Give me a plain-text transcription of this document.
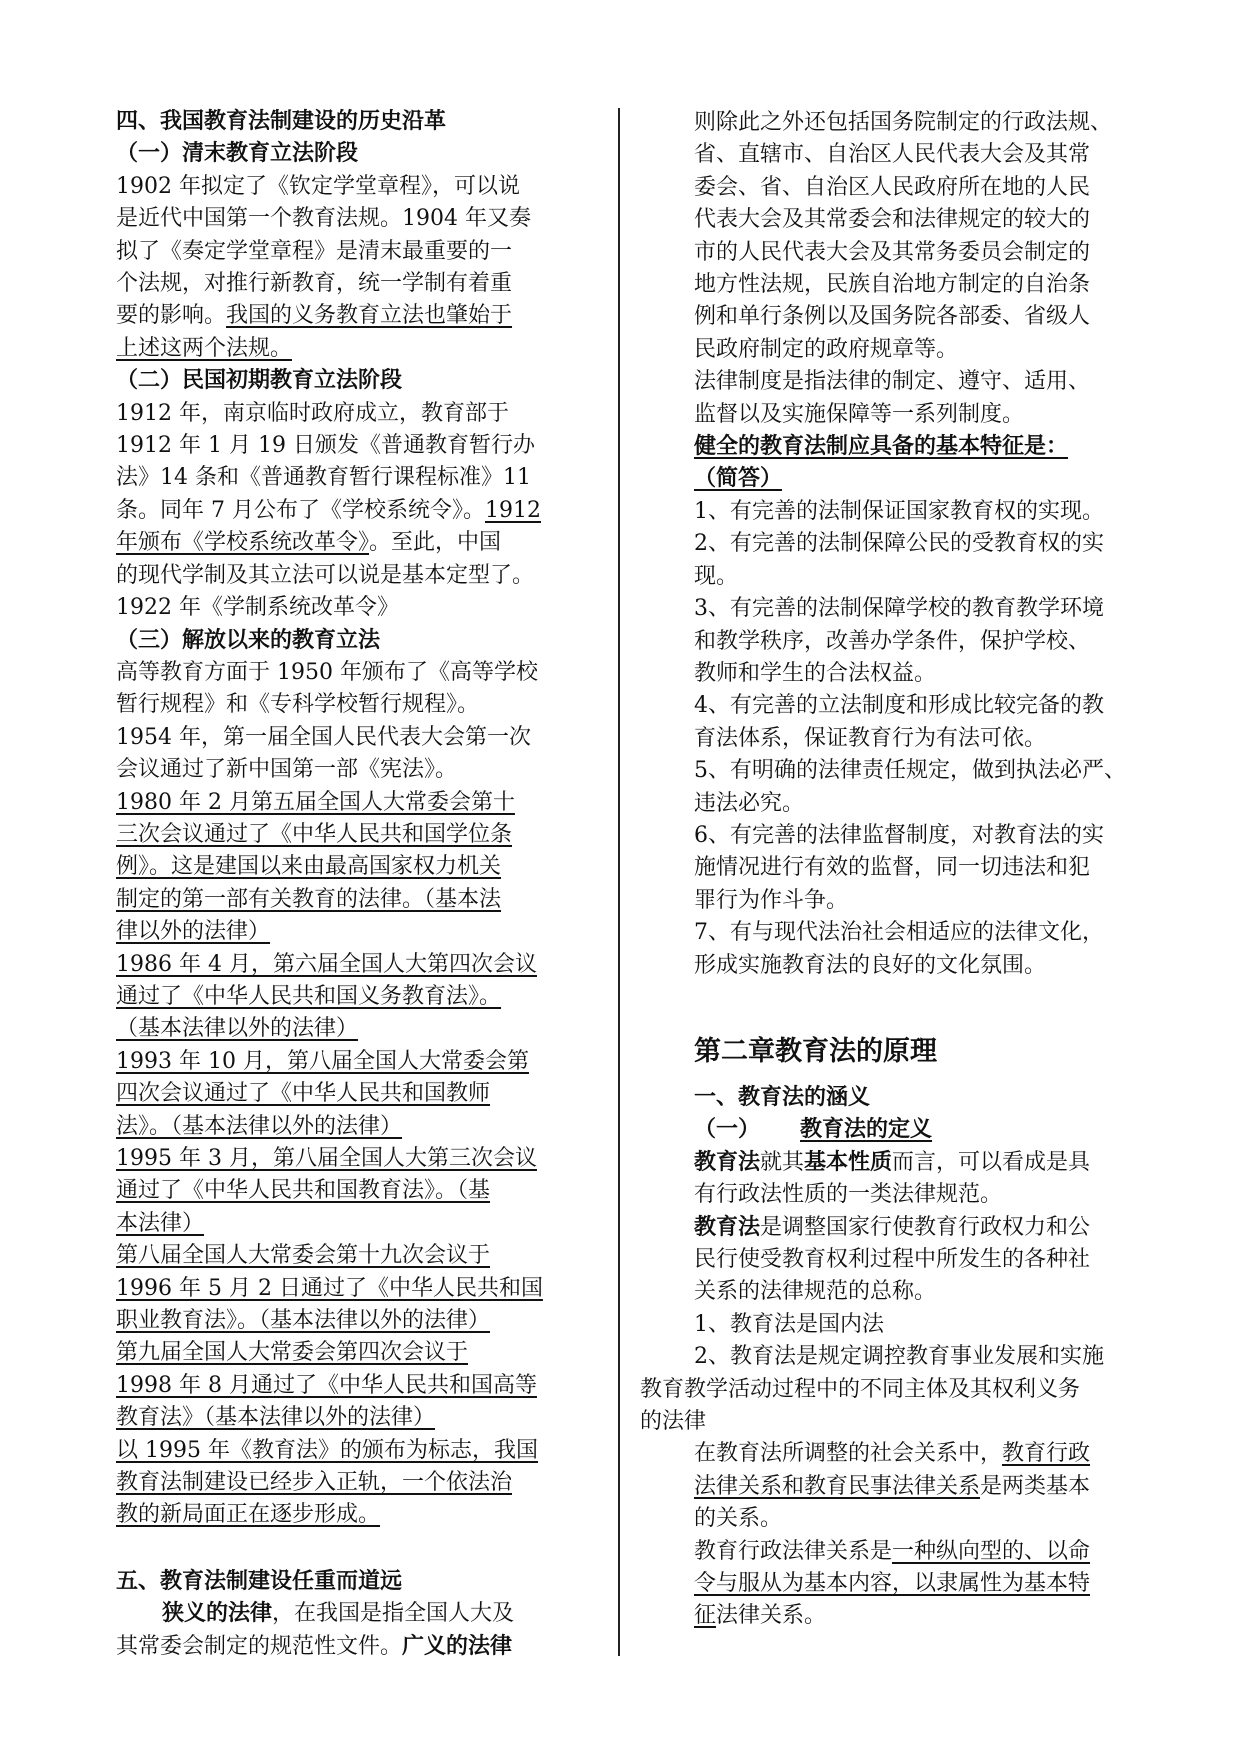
四、我国教育法制建设的历史沿革

（一）清末教育立法阶段

1902 年拟定了《钦定学堂章程》，可以说

是近代中国第一个教育法规。1904 年又奏

拟了《奏定学堂章程》是清末最重要的一

个法规，对推行新教育，统一学制有着重

要的影响。我国的义务教育立法也肇始于

上述这两个法规。

（二）民国初期教育立法阶段

1912 年，南京临时政府成立，教育部于

1912 年 1 月 19 日颁发《普通教育暂行办

法》14 条和《普通教育暂行课程标准》11

条。同年 7 月公布了《学校系统令》。1912

年颁布《学校系统改革令》。至此，中国

的现代学制及其立法可以说是基本定型了。

1922 年《学制系统改革令》

（三）解放以来的教育立法

高等教育方面于 1950 年颁布了《高等学校

暂行规程》和《专科学校暂行规程》。

1954 年，第一届全国人民代表大会第一次

会议通过了新中国第一部《宪法》。

1980 年 2 月第五届全国人大常委会第十

三次会议通过了《中华人民共和国学位条

例》。这是建国以来由最高国家权力机关

制定的第一部有关教育的法律。（基本法

律以外的法律）

1986 年 4 月，第六届全国人大第四次会议

通过了《中华人民共和国义务教育法》。

（基本法律以外的法律）

1993 年 10 月，第八届全国人大常委会第

四次会议通过了《中华人民共和国教师

法》。（基本法律以外的法律）

1995 年 3 月，第八届全国人大第三次会议

通过了《中华人民共和国教育法》。（基

本法律）

第八届全国人大常委会第十九次会议于

1996 年 5 月 2 日通过了《中华人民共和国

职业教育法》。（基本法律以外的法律）

第九届全国人大常委会第四次会议于

1998 年 8 月通过了《中华人民共和国高等

教育法》（基本法律以外的法律）

以 1995 年《教育法》的颁布为标志，我国

教育法制建设已经步入正轨，一个依法治

教的新局面正在逐步形成。

五、教育法制建设任重而道远

狭义的法律，在我国是指全国人大及

其常委会制定的规范性文件。广义的法律

则除此之外还包括国务院制定的行政法规、

省、直辖市、自治区人民代表大会及其常

委会、省、自治区人民政府所在地的人民

代表大会及其常委会和法律规定的较大的

市的人民代表大会及其常务委员会制定的

地方性法规，民族自治地方制定的自治条

例和单行条例以及国务院各部委、省级人

民政府制定的政府规章等。

法律制度是指法律的制定、遵守、适用、

监督以及实施保障等一系列制度。

健全的教育法制应具备的基本特征是：

（简答）

1、有完善的法制保证国家教育权的实现。

2、有完善的法制保障公民的受教育权的实

现。

3、有完善的法制保障学校的教育教学环境

和教学秩序，改善办学条件，保护学校、

教师和学生的合法权益。

4、有完善的立法制度和形成比较完备的教

育法体系，保证教育行为有法可依。

5、有明确的法律责任规定，做到执法必严、

违法必究。

6、有完善的法律监督制度，对教育法的实

施情况进行有效的监督，同一切违法和犯

罪行为作斗争。

7、有与现代法治社会相适应的法律文化，

形成实施教育法的良好的文化氛围。

第二章教育法的原理

一、教育法的涵义

（一） 教育法的定义

教育法就其基本性质而言，可以看成是具

有行政法性质的一类法律规范。

教育法是调整国家行使教育行政权力和公

民行使受教育权利过程中所发生的各种社

关系的法律规范的总称。

1、教育法是国内法

2、教育法是规定调控教育事业发展和实施

教育教学活动过程中的不同主体及其权利义务

的法律

在教育法所调整的社会关系中，教育行政

法律关系和教育民事法律关系是两类基本

的关系。

教育行政法律关系是一种纵向型的、以命

令与服从为基本内容，以隶属性为基本特

征法律关系。
